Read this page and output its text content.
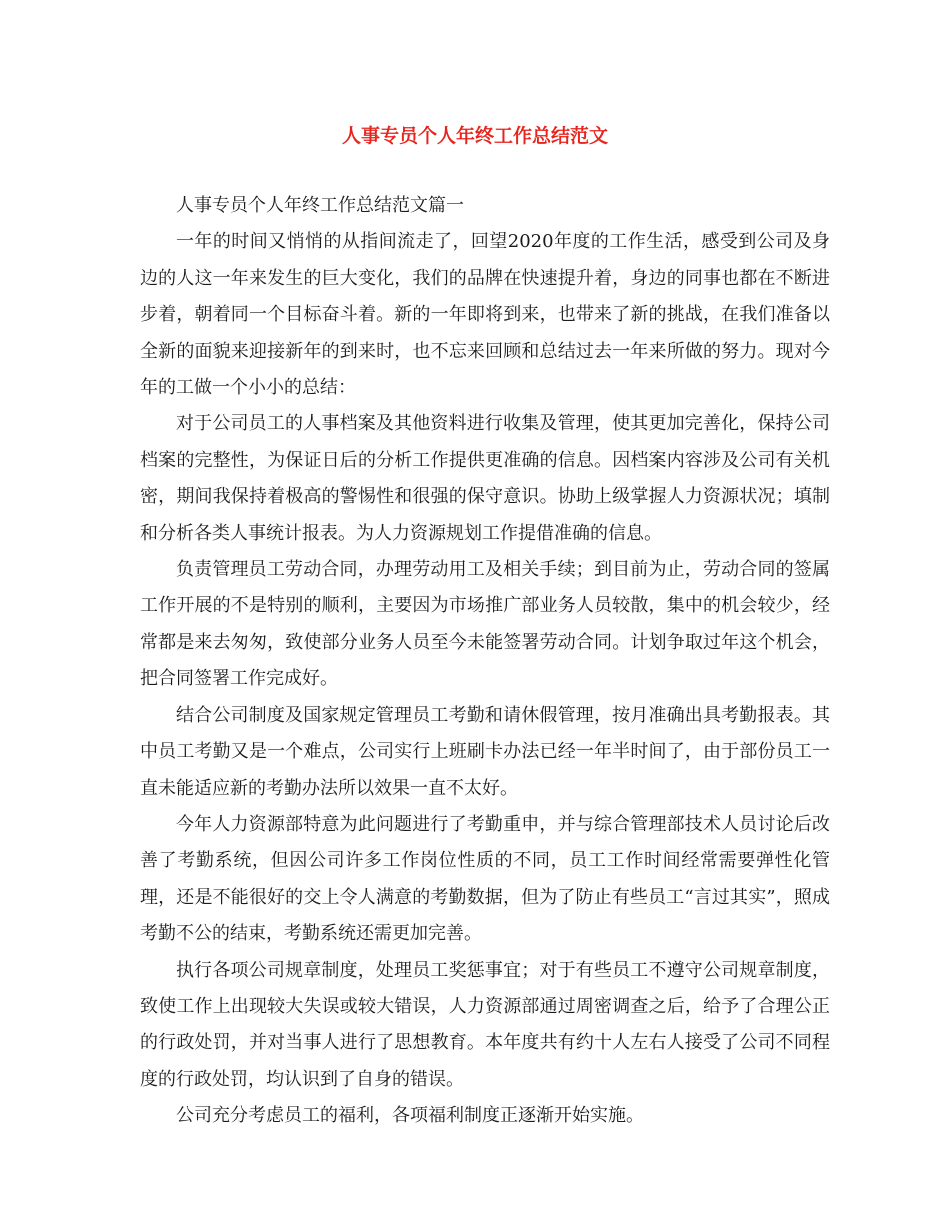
人事专员个人年终工作总结范文

人事专员个人年终工作总结范文篇一

一年的时间又悄悄的从指间流走了，回望2020年度的工作生活，感受到公司及身边的人这一年来发生的巨大变化，我们的品牌在快速提升着，身边的同事也都在不断进步着，朝着同一个目标奋斗着。新的一年即将到来，也带来了新的挑战，在我们准备以全新的面貌来迎接新年的到来时，也不忘来回顾和总结过去一年来所做的努力。现对今年的工做一个小小的总结：

对于公司员工的人事档案及其他资料进行收集及管理，使其更加完善化，保持公司档案的完整性，为保证日后的分析工作提供更准确的信息。因档案内容涉及公司有关机密，期间我保持着极高的警惕性和很强的保守意识。协助上级掌握人力资源状况；填制和分析各类人事统计报表。为人力资源规划工作提借准确的信息。

负责管理员工劳动合同，办理劳动用工及相关手续；到目前为止，劳动合同的签属工作开展的不是特别的顺利，主要因为市场推广部业务人员较散，集中的机会较少，经常都是来去匆匆，致使部分业务人员至今未能签署劳动合同。计划争取过年这个机会，把合同签署工作完成好。

结合公司制度及国家规定管理员工考勤和请休假管理，按月准确出具考勤报表。其中员工考勤又是一个难点，公司实行上班刷卡办法已经一年半时间了，由于部份员工一直未能适应新的考勤办法所以效果一直不太好。

今年人力资源部特意为此问题进行了考勤重申，并与综合管理部技术人员讨论后改善了考勤系统，但因公司许多工作岗位性质的不同，员工工作时间经常需要弹性化管理，还是不能很好的交上令人满意的考勤数据，但为了防止有些员工“言过其实”，照成考勤不公的结束，考勤系统还需更加完善。

执行各项公司规章制度，处理员工奖惩事宜；对于有些员工不遵守公司规章制度，致使工作上出现较大失误或较大错误，人力资源部通过周密调查之后，给予了合理公正的行政处罚，并对当事人进行了思想教育。本年度共有约十人左右人接受了公司不同程度的行政处罚，均认识到了自身的错误。

公司充分考虑员工的福利，各项福利制度正逐渐开始实施。
